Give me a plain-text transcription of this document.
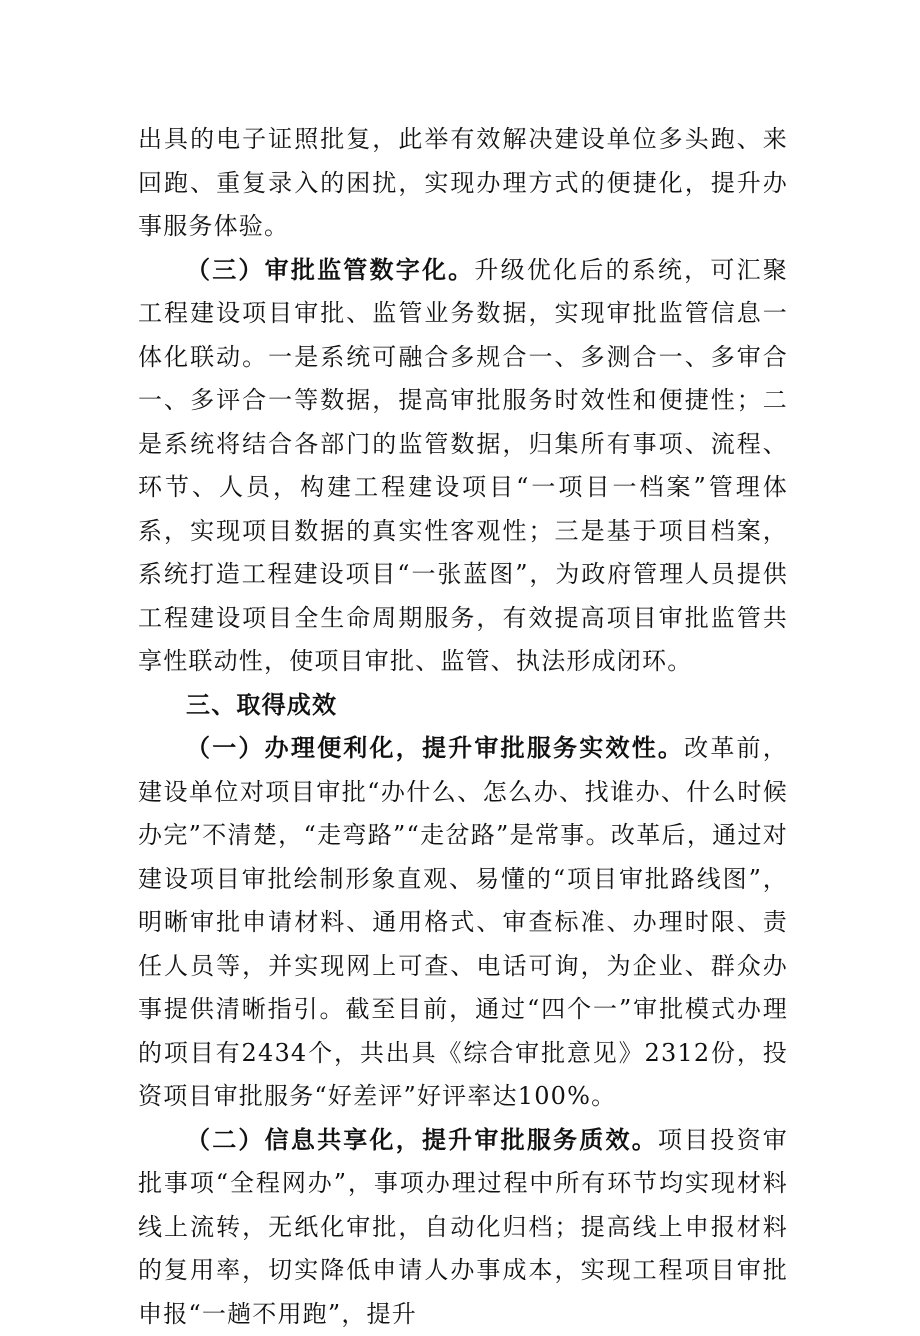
出具的电子证照批复，此举有效解决建设单位多头跑、来回跑、重复录入的困扰，实现办理方式的便捷化，提升办事服务体验。

（三）审批监管数字化。升级优化后的系统，可汇聚工程建设项目审批、监管业务数据，实现审批监管信息一体化联动。一是系统可融合多规合一、多测合一、多审合一、多评合一等数据，提高审批服务时效性和便捷性；二是系统将结合各部门的监管数据，归集所有事项、流程、环节、人员，构建工程建设项目“一项目一档案”管理体系，实现项目数据的真实性客观性；三是基于项目档案，系统打造工程建设项目“一张蓝图”，为政府管理人员提供工程建设项目全生命周期服务，有效提高项目审批监管共享性联动性，使项目审批、监管、执法形成闭环。

三、取得成效

（一）办理便利化，提升审批服务实效性。改革前，建设单位对项目审批“办什么、怎么办、找谁办、什么时候办完”不清楚，“走弯路”“走岔路”是常事。改革后，通过对建设项目审批绘制形象直观、易懂的“项目审批路线图”，明晰审批申请材料、通用格式、审查标准、办理时限、责任人员等，并实现网上可查、电话可询，为企业、群众办事提供清晰指引。截至目前，通过“四个一”审批模式办理的项目有2434个，共出具《综合审批意见》2312份，投资项目审批服务“好差评”好评率达100%。

（二）信息共享化，提升审批服务质效。项目投资审批事项“全程网办”，事项办理过程中所有环节均实现材料线上流转，无纸化审批，自动化归档；提高线上申报材料的复用率，切实降低申请人办事成本，实现工程项目审批申报“一趟不用跑”，提升
